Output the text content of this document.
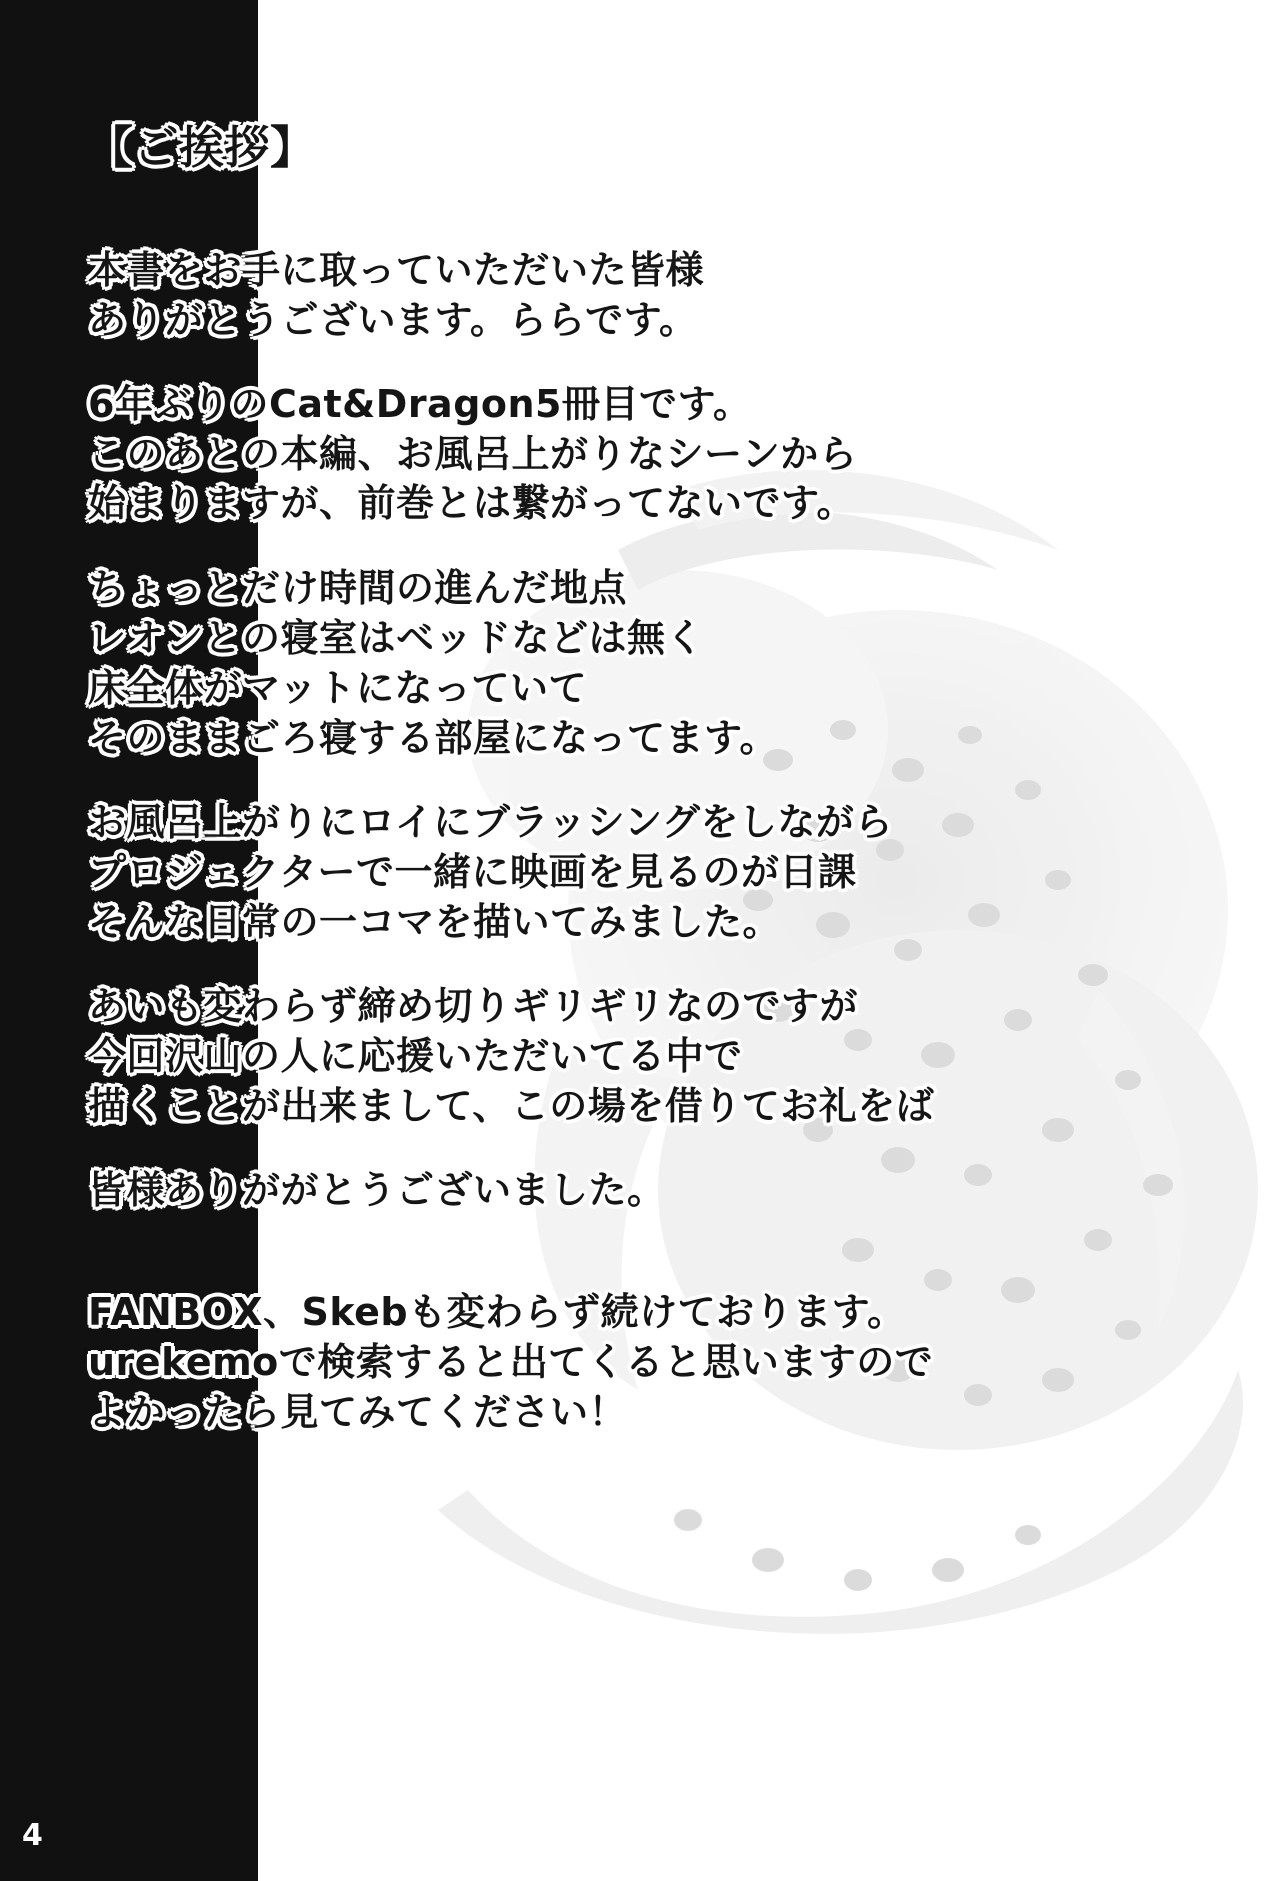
【ご挨拶】
本書をお手に取っていただいた皆様
ありがとうございます。ららです。
6年ぶりのCat&Dragon5冊目です。
このあとの本編、お風呂上がりなシーンから
始まりますが、前巻とは繋がってないです。
ちょっとだけ時間の進んだ地点
レオンとの寝室はベッドなどは無く
床全体がマットになっていて
そのままごろ寝する部屋になってます。
お風呂上がりにロイにブラッシングをしながら
プロジェクターで一緒に映画を見るのが日課
そんな日常の一コマを描いてみました。
あいも変わらず締め切りギリギリなのですが
今回沢山の人に応援いただいてる中で
描くことが出来まして、この場を借りてお礼をば
皆様ありががとうございました。
FANBOX、Skebも変わらず続けております。
urekemoで検索すると出てくると思いますので
よかったら見てみてください！
4
